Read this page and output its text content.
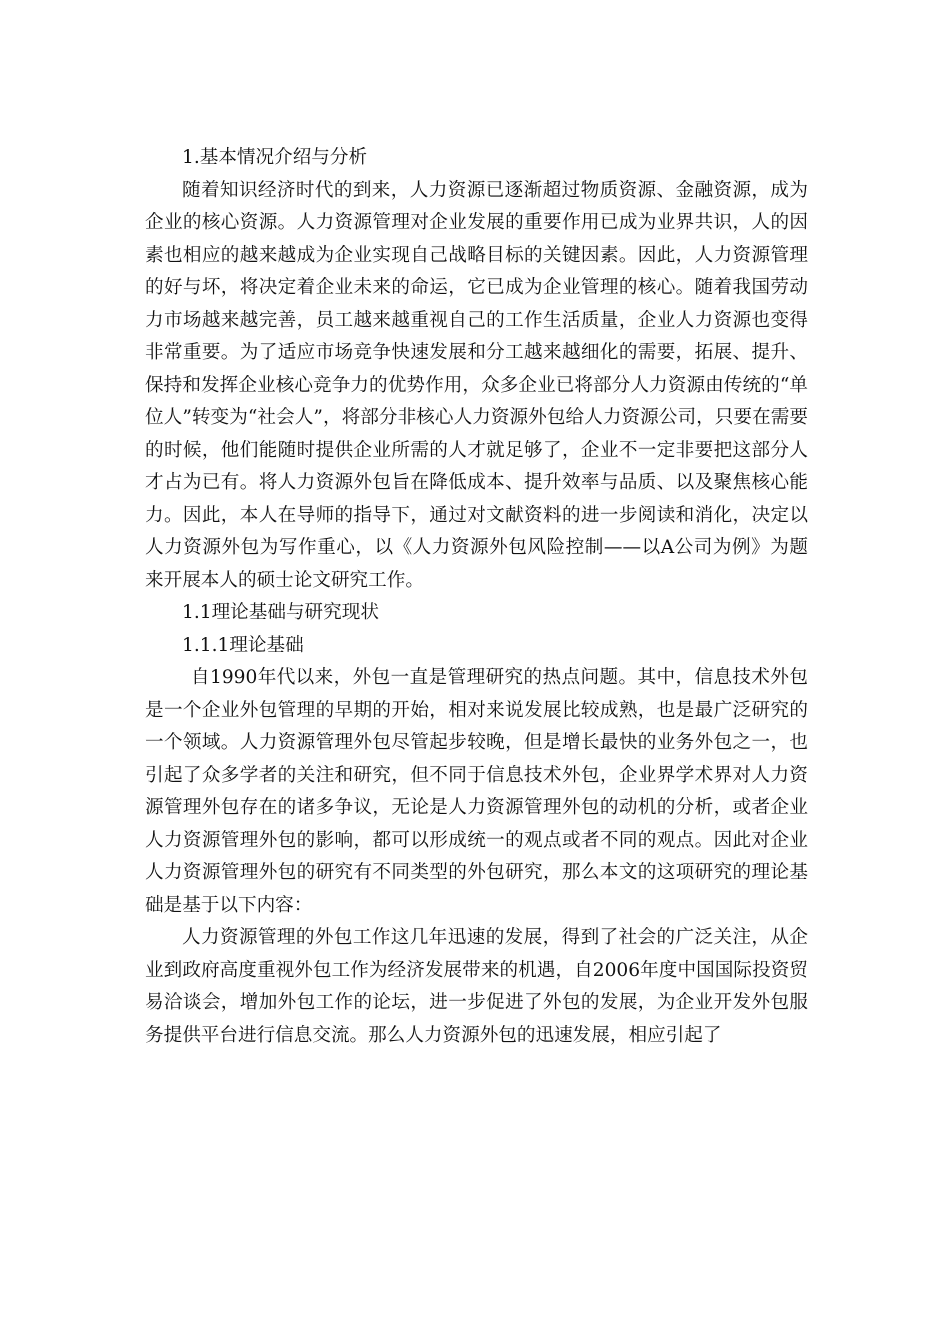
1.基本情况介绍与分析

随着知识经济时代的到来，人力资源已逐渐超过物质资源、金融资源，成为企业的核心资源。人力资源管理对企业发展的重要作用已成为业界共识，人的因素也相应的越来越成为企业实现自己战略目标的关键因素。因此，人力资源管理的好与坏，将决定着企业未来的命运，它已成为企业管理的核心。随着我国劳动力市场越来越完善，员工越来越重视自己的工作生活质量，企业人力资源也变得非常重要。为了适应市场竞争快速发展和分工越来越细化的需要，拓展、提升、保持和发挥企业核心竞争力的优势作用，众多企业已将部分人力资源由传统的“单位人”转变为“社会人”，将部分非核心人力资源外包给人力资源公司，只要在需要的时候，他们能随时提供企业所需的人才就足够了，企业不一定非要把这部分人才占为已有。将人力资源外包旨在降低成本、提升效率与品质、以及聚焦核心能力。因此，本人在导师的指导下，通过对文献资料的进一步阅读和消化，决定以人力资源外包为写作重心，以《人力资源外包风险控制——以A公司为例》为题来开展本人的硕士论文研究工作。

1.1理论基础与研究现状

1.1.1理论基础

自1990年代以来，外包一直是管理研究的热点问题。其中，信息技术外包是一个企业外包管理的早期的开始，相对来说发展比较成熟，也是最广泛研究的一个领域。人力资源管理外包尽管起步较晚，但是增长最快的业务外包之一，也引起了众多学者的关注和研究，但不同于信息技术外包，企业界学术界对人力资源管理外包存在的诸多争议，无论是人力资源管理外包的动机的分析，或者企业人力资源管理外包的影响，都可以形成统一的观点或者不同的观点。因此对企业人力资源管理外包的研究有不同类型的外包研究，那么本文的这项研究的理论基础是基于以下内容：

人力资源管理的外包工作这几年迅速的发展，得到了社会的广泛关注，从企业到政府高度重视外包工作为经济发展带来的机遇，自2006年度中国国际投资贸易洽谈会，增加外包工作的论坛，进一步促进了外包的发展，为企业开发外包服务提供平台进行信息交流。那么人力资源外包的迅速发展，相应引起了
